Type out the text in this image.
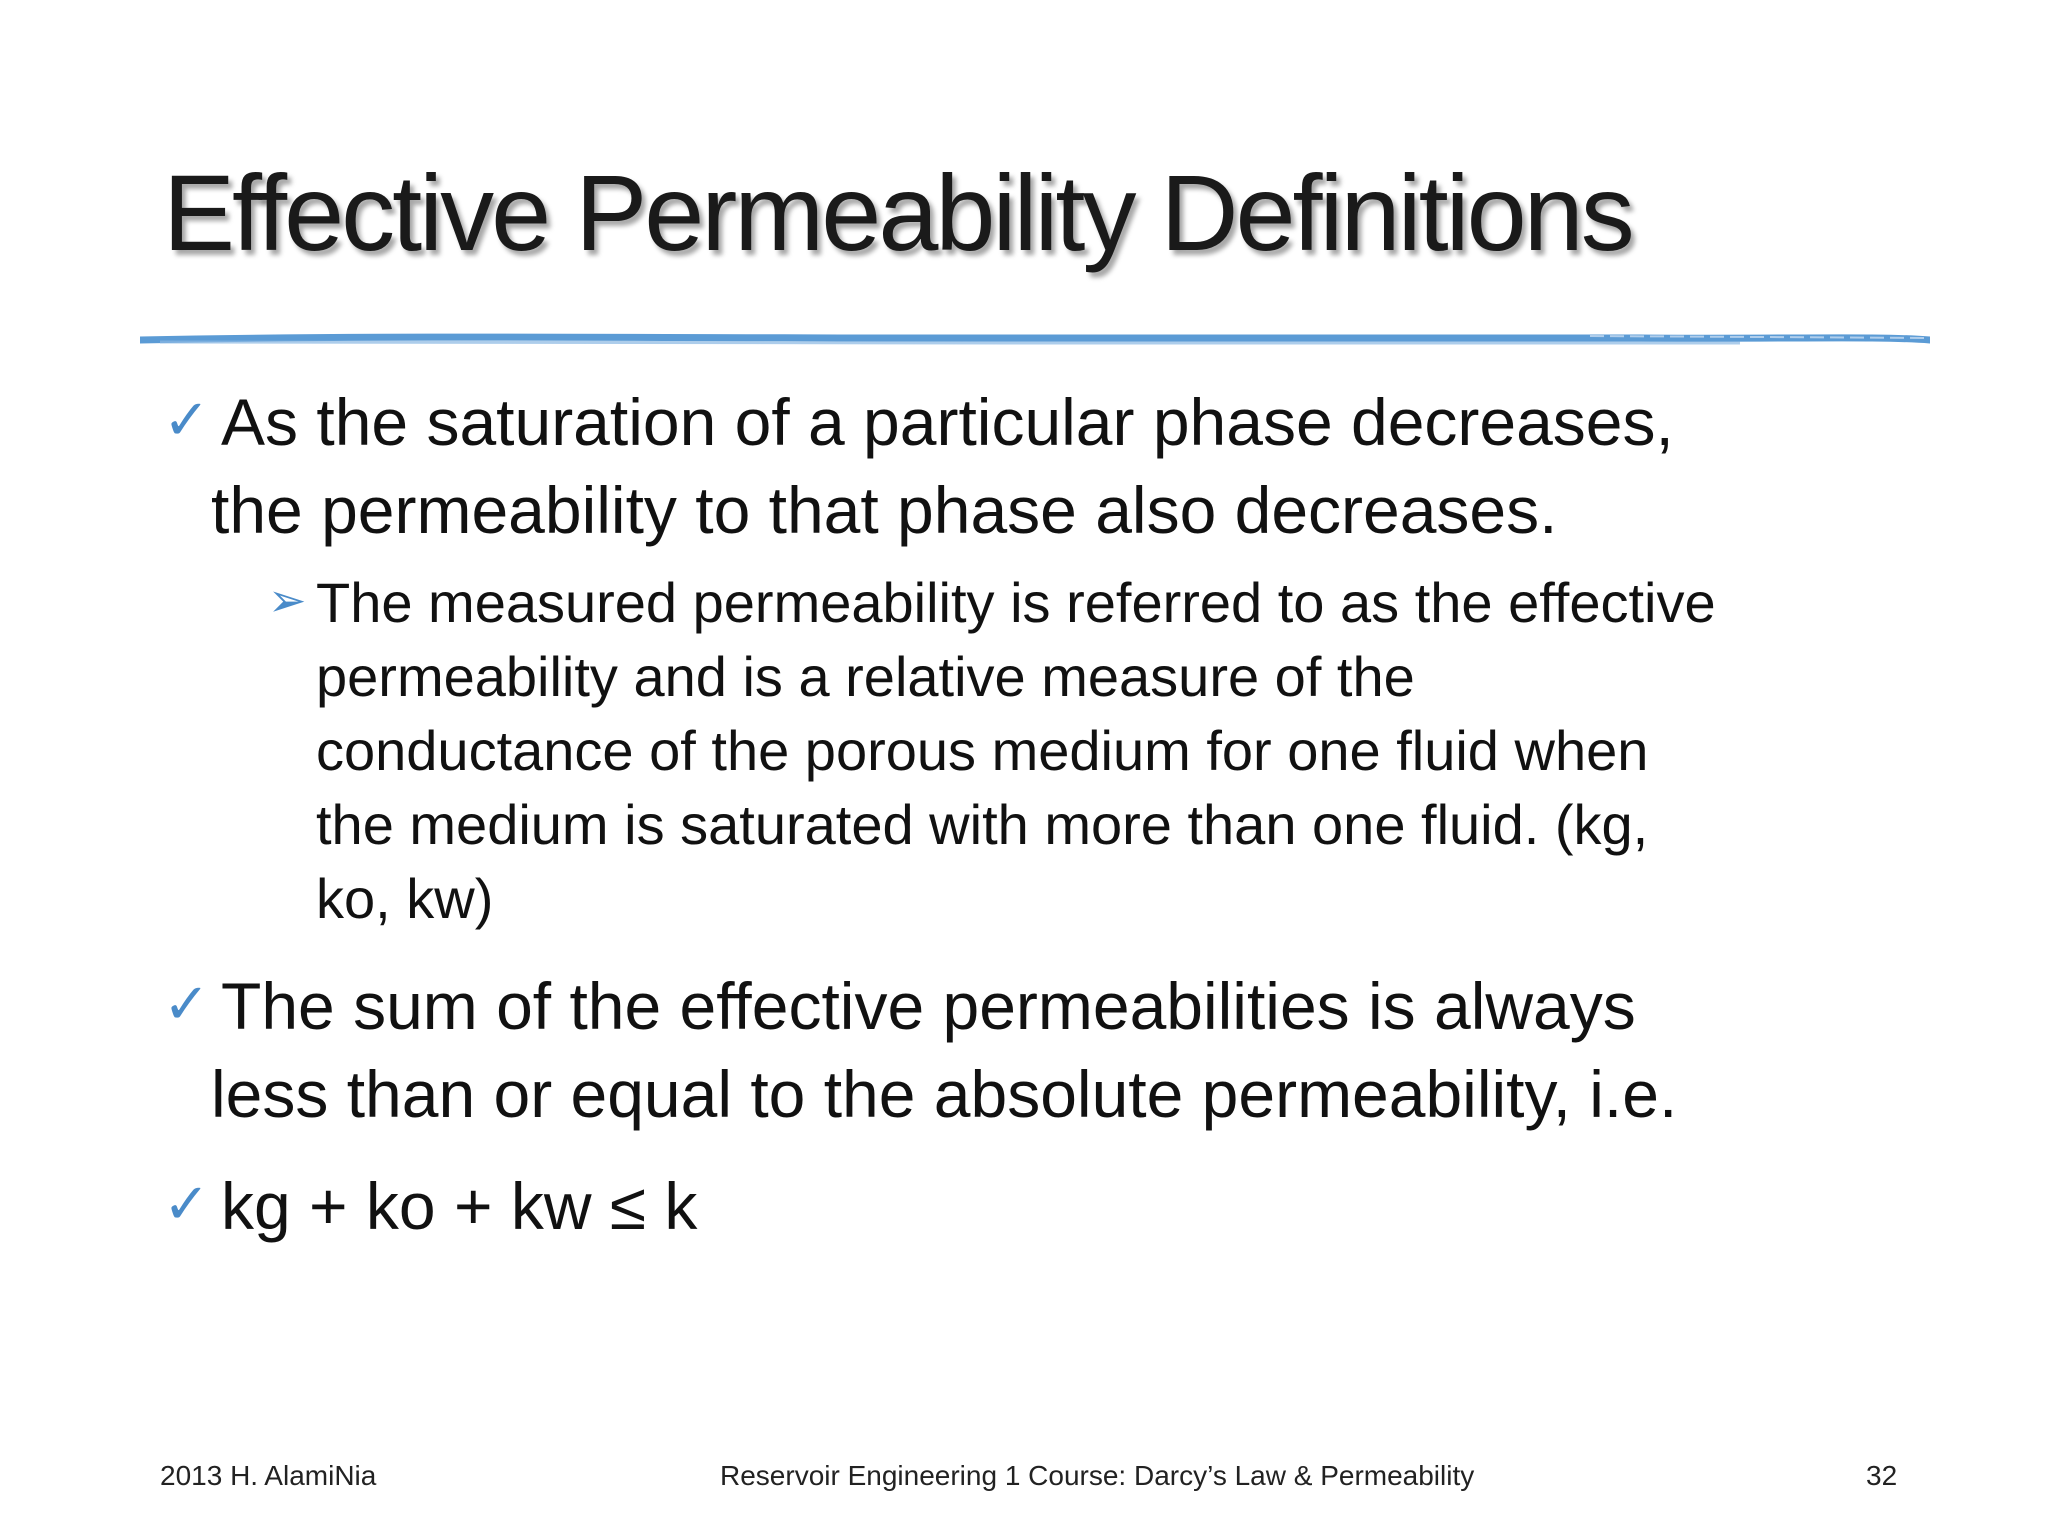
Effective Permeability Definitions
✓ As the saturation of a particular phase decreases,
the permeability to that phase also decreases.
➢ The measured permeability is referred to as the effective
permeability and is a relative measure of the
conductance of the porous medium for one fluid when
the medium is saturated with more than one fluid. (kg,
ko, kw)
✓ The sum of the effective permeabilities is always
less than or equal to the absolute permeability, i.e.
✓ kg + ko + kw ≤ k
2013 H. AlamiNia	Reservoir Engineering 1 Course: Darcy’s Law & Permeability	32
